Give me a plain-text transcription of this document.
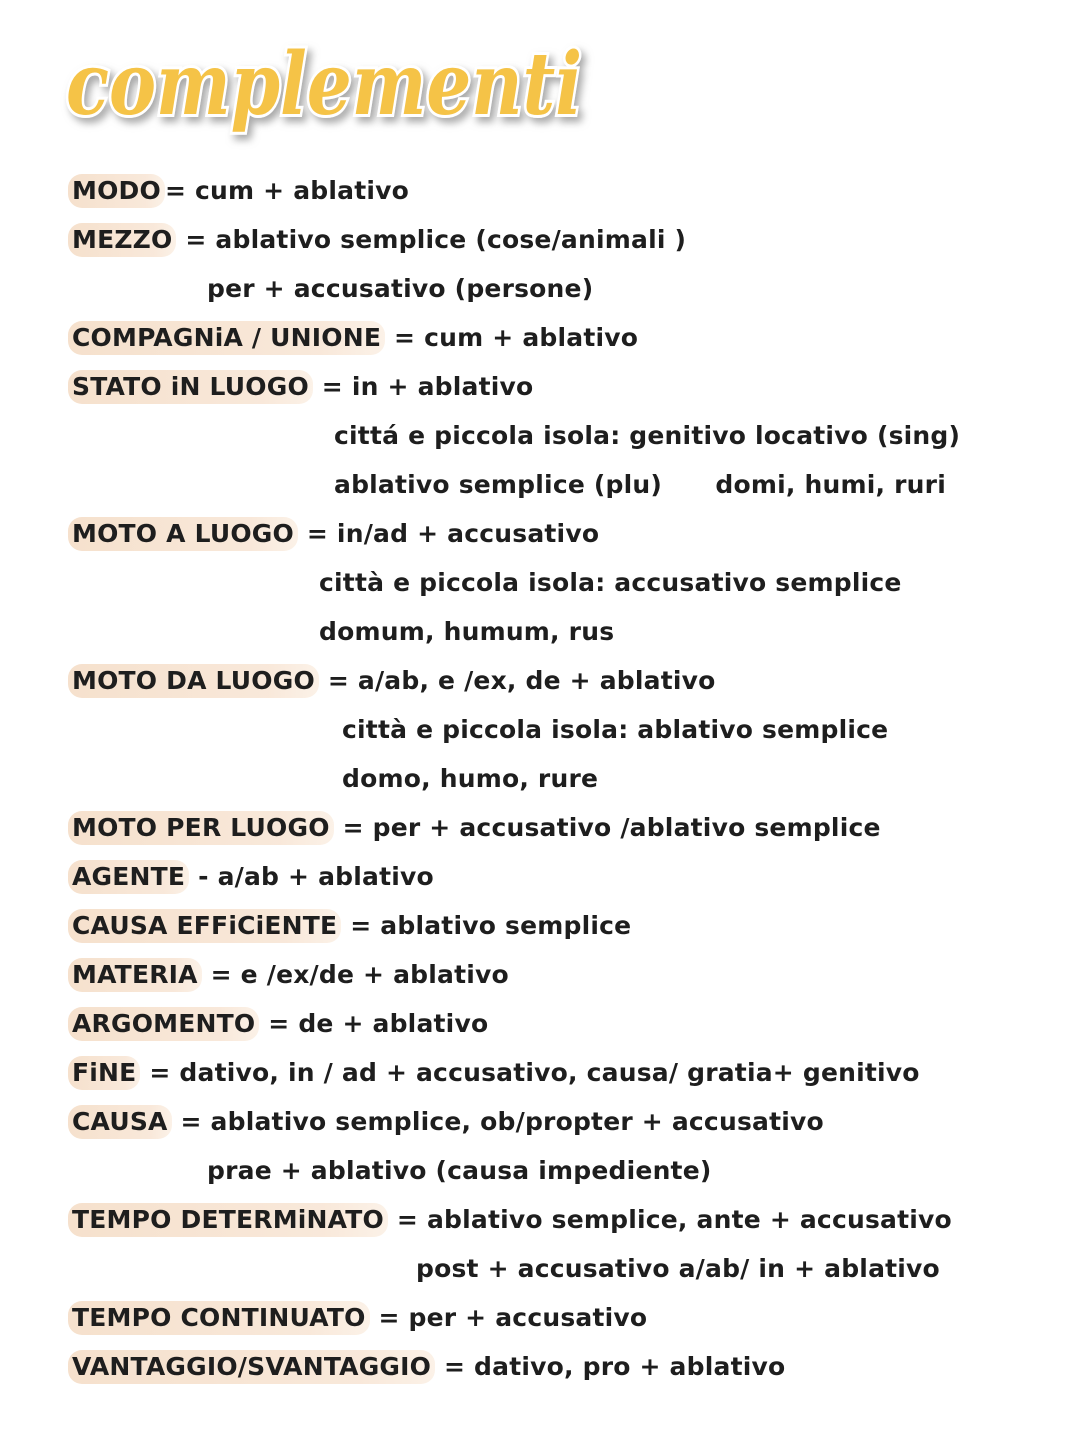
complementi
MODO = cum + ablativo
MEZZO = ablativo semplice (cose/animali )
per + accusativo (persone)
COMPAGNiA / UNIONE = cum + ablativo
STATO iN LUOGO = in + ablativo
cittá e piccola isola: genitivo locativo (sing)
ablativo semplice (plu)      domi, humi, ruri
MOTO A LUOGO = in/ad + accusativo
città e piccola isola: accusativo semplice
domum, humum, rus
MOTO DA LUOGO = a/ab, e /ex, de + ablativo
città e piccola isola: ablativo semplice
domo, humo, rure
MOTO PER LUOGO = per + accusativo /ablativo semplice
AGENTE - a/ab + ablativo
CAUSA EFFiCiENTE = ablativo semplice
MATERIA = e /ex/de + ablativo
ARGOMENTO = de + ablativo
FiNE = dativo, in / ad + accusativo, causa/ gratia+ genitivo
CAUSA = ablativo semplice, ob/propter + accusativo
prae + ablativo (causa impediente)
TEMPO DETERMiNATO = ablativo semplice, ante + accusativo
post + accusativo a/ab/ in + ablativo
TEMPO CONTINUATO = per + accusativo
VANTAGGIO/SVANTAGGIO = dativo, pro + ablativo
